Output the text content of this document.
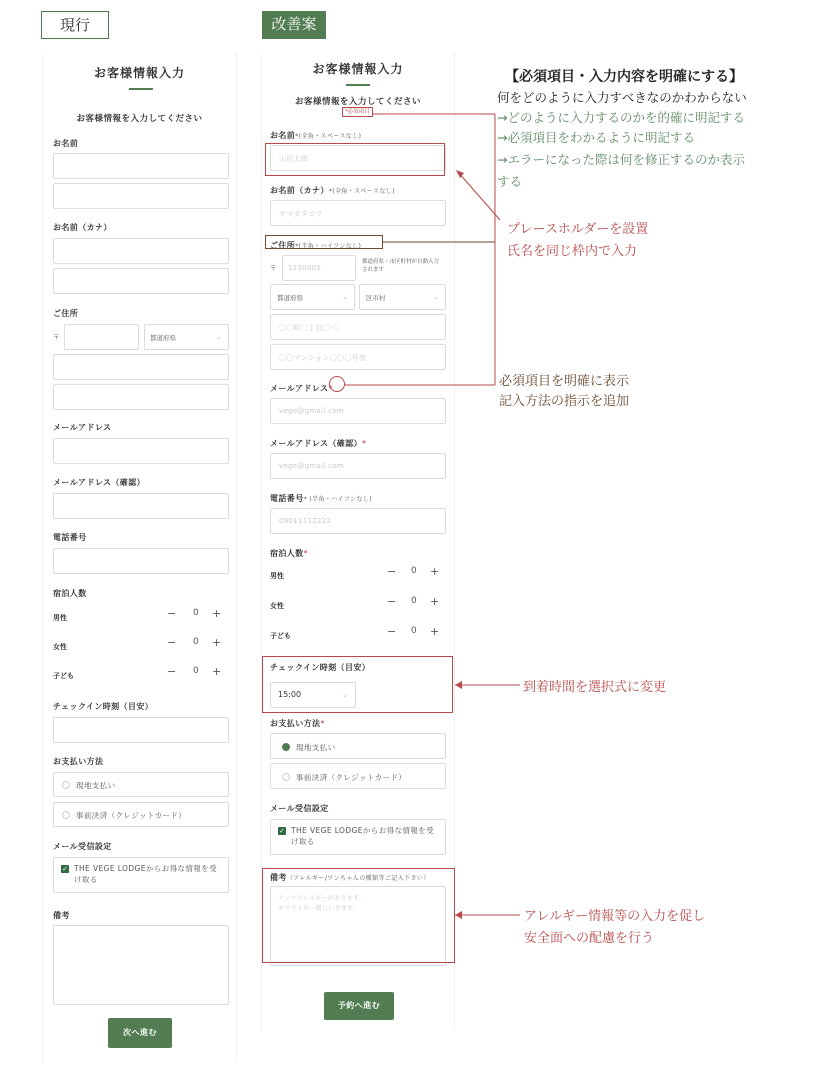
現行	改善案
お客様情報入力
お客様情報を入力してください
お名前
お名前（カナ）
ご住所
〒	都道府県	⌄
メールアドレス
メールアドレス（確認）
電話番号
宿泊人数
男性	− 0 +
女性	− 0 +
子ども	− 0 +
チェックイン時刻（目安）
お支払い方法
現地支払い
事前決済（クレジットカード）
メール受信設定
✓ THE VEGE LODGEからお得な情報を受け取る
備考
次へ進む
お客様情報入力
お客様情報を入力してください
*必須項目
お名前*(全角・スペースなし)
山田太郎
お名前（カナ）*(全角・スペースなし)
ヤマダタロウ
ご住所*(半角・ハイフンなし)
〒 1230001
都道府県・市区町村が自動入力されます
都道府県	⌄	区市村	⌄
〇〇町〇丁目〇-〇
〇〇マンション〇〇〇号室
メールアドレス*
vege@gmail.com
メールアドレス（確認）*
vege@gmail.com
電話番号* (半角・ハイフンなし)
09011112222
宿泊人数*
男性	− 0 +
女性	− 0 +
子ども	− 0 +
チェックイン時刻（目安）
15:00	⌄
お支払い方法*
現地支払い
事前決済（クレジットカード）
メール受信設定
✓ THE VEGE LODGEからお得な情報を受け取る
備考（アレルギー/ワンちゃんの種類等ご記入下さい）
ナッツアレルギーがあります。
チワワ１匹一緒にいきます。
予約へ進む
【必須項目・入力内容を明確にする】
何をどのように入力すべきなのかわからない
→どのように入力するのかを的確に明記する
→必須項目をわかるように明記する
→エラーになった際は何を修正するのか表示
する
プレースホルダーを設置
氏名を同じ枠内で入力
必須項目を明確に表示
記入方法の指示を追加
到着時間を選択式に変更
アレルギー情報等の入力を促し
安全面への配慮を行う
